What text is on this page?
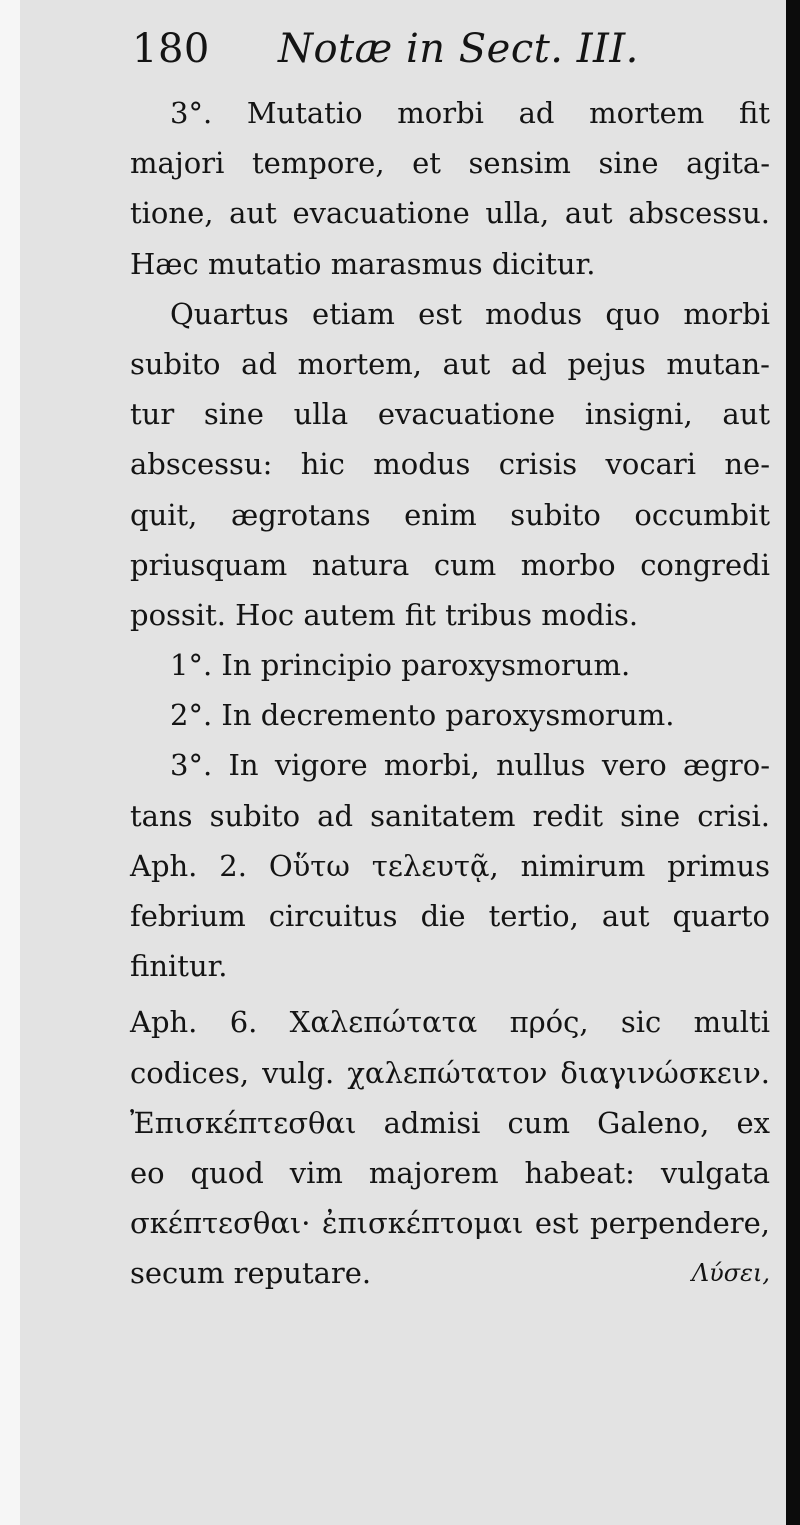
180 Notæ in Sect. III.
3°. Mutatio morbi ad mortem fit
majori tempore, et sensim sine agita-
tione, aut evacuatione ulla, aut abscessu.
Hæc mutatio marasmus dicitur.
Quartus etiam est modus quo morbi
subito ad mortem, aut ad pejus mutan-
tur sine ulla evacuatione insigni, aut
abscessu: hic modus crisis vocari ne-
quit, ægrotans enim subito occumbit
priusquam natura cum morbo congredi
possit. Hoc autem fit tribus modis.
1°. In principio paroxysmorum.
2°. In decremento paroxysmorum.
3°. In vigore morbi, nullus vero ægro-
tans subito ad sanitatem redit sine crisi.
Aph. 2. Οὕτω τελευτᾷ, nimirum primus
febrium circuitus die tertio, aut quarto
finitur.
Aph. 6. Χαλεπώτατα πρός, sic multi
codices, vulg. χαλεπώτατον διαγινώσκειν.
Ἐπισκέπτεσθαι admisi cum Galeno, ex
eo quod vim majorem habeat: vulgata
σκέπτεσθαι· ἐπισκέπτομαι est perpendere,
secum reputare.	Λύσει,
